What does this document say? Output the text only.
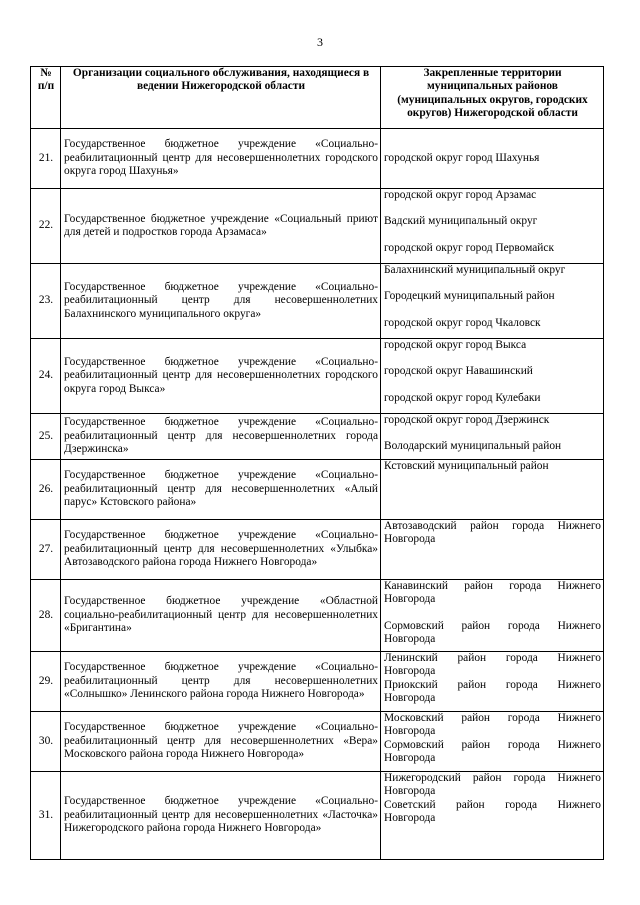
3
№ п/п	Организации социального обслуживания, находящиеся в ведении Нижегородской области	Закрепленные территории муниципальных районов (муниципальных округов, городских округов) Нижегородской области
21.	Государственное бюджетное учреждение «Социально-реабилитационный центр для несовершеннолетних городского округа город Шахунья»	городской округ город Шахунья

22.	Государственное бюджетное учреждение «Социальный приют для детей и подростков города Арзамаса»	городской округ город Арзамас
Вадский муниципальный округ
городской округ город Первомайск

23.	Государственное бюджетное учреждение «Социально-реабилитационный центр для несовершеннолетних Балахнинского муниципального округа»	Балахнинский муниципальный округ
Городецкий муниципальный район
городской округ город Чкаловск

24.	Государственное бюджетное учреждение «Социально-реабилитационный центр для несовершеннолетних городского округа город Выкса»	городской округ город Выкса
городской округ Навашинский
городской округ город Кулебаки

25.	Государственное бюджетное учреждение «Социально-реабилитационный центр для несовершеннолетних города Дзержинска»	городской округ город Дзержинск
Володарский муниципальный район

26.	Государственное бюджетное учреждение «Социально-реабилитационный центр для несовершеннолетних «Алый парус» Кстовского района»	Кстовский муниципальный район

27.	Государственное бюджетное учреждение «Социально-реабилитационный центр для несовершеннолетних «Улыбка» Автозаводского района города Нижнего Новгорода»	Автозаводский район города Нижнего Новгорода

28.	Государственное бюджетное учреждение «Областной социально-реабилитационный центр для несовершеннолетних «Бригантина»	Канавинский район города Нижнего Новгорода
Сормовский район города Нижнего Новгорода

29.	Государственное бюджетное учреждение «Социально-реабилитационный центр для несовершеннолетних «Солнышко» Ленинского района города Нижнего Новгорода»	Ленинский район города Нижнего Новгорода
Приокский район города Нижнего Новгорода

30.	Государственное бюджетное учреждение «Социально-реабилитационный центр для несовершеннолетних «Вера» Московского района города Нижнего Новгорода»	Московский район города Нижнего Новгорода
Сормовский район города Нижнего Новгорода

31.	Государственное бюджетное учреждение «Социально-реабилитационный центр для несовершеннолетних «Ласточка» Нижегородского района города Нижнего Новгорода»	Нижегородский район города Нижнего Новгорода
Советский район города Нижнего Новгорода
